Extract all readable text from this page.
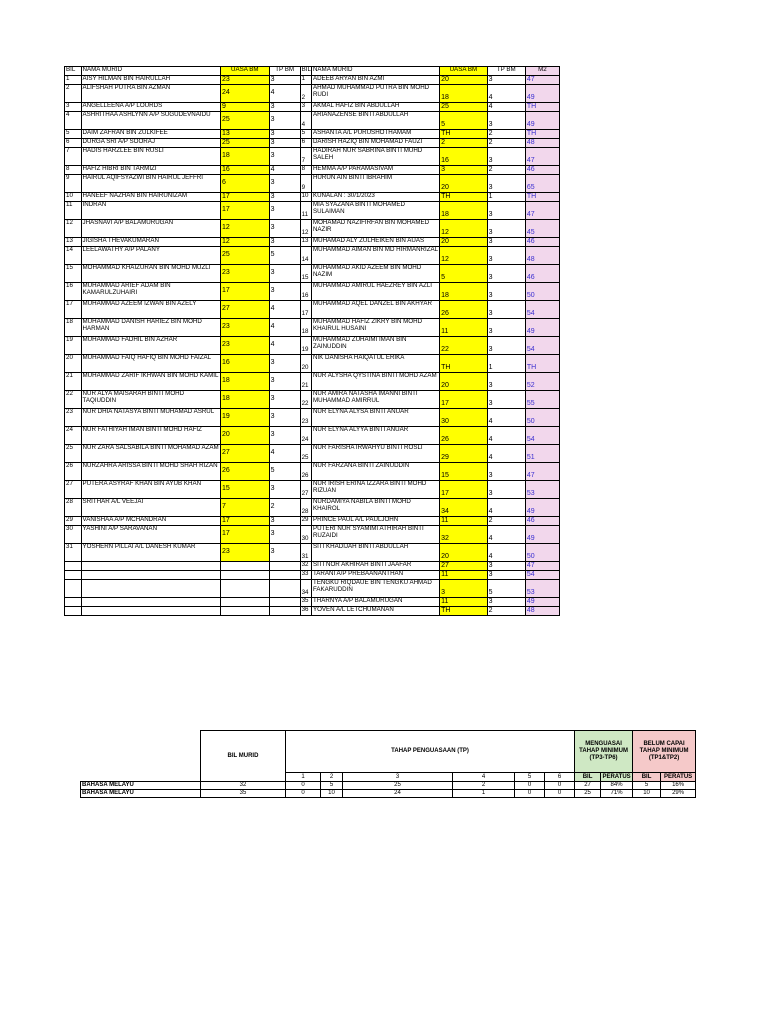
BIL	NAMA MURID	UASA BM	TP BM	BIL	NAMA MURID	UASA BM	TP BM	M2
1	AISY HILMAN BIN HAIRULLAH	23	3	1	ADEEB ARYAN BIN AZMI	20	3	47
2	ALIFSHAH PUTRA BIN AZMAN	24	4	2	AHMAD MUHAMMAD PUTRA BIN MOHD RUDI	18	4	49
3	ANGELLEENA A/P LOURDS	9	3	3	AKMAL HAFIZ BIN ABDULLAH	25	4	TH
4	ASHRITHAA ASHLYNN A/P SUGUDEVNAIDU	25	3	4	ARIANAZENSE BINTI ABDULLAH	5	3	49
5	DAIM ZAFRAN BIN ZULKIFEE	13	3	5	ASHANTA A/L PURUSHOTHAMAM	TH	2	TH
6	DURGA SRI A/P SOORAJ	25	3	6	DARISH HAZIQ BIN MOHAMAD FAUZI	2	2	48
7	HADIS HARZLEE BIN RUSLI	18	3	7	HADIRAH NUR SABRINA BINTI MUHD SALEH	16	3	47
8	HAFIZ HIBRI BIN TARMIZI	16	4	8	HEMMA A/P PARAMASIVAM	3	2	46
9	HAIRUL AQIFSYAZWI BIN HAIRUL JEFFRI	6	3	9	HURUN AIN BINTI IBRAHIM	20	3	65
10	HANEEF NAZHAN BIN HAIRUNIZAM	17	3	10	KUNALAN : 30/1/2023	TH	1	TH
11	INDRAN	17	3	11	MIA SYAZANA BINTI MOHAMED SULAIMAN	18	3	47
12	JHASNAVI A/P BALAMURUGAN	12	3	12	MOHAMAD NAZIFIRFAN BIN MOHAMED NAZIR	12	3	45
13	JIGISHA THEVAKUMARAN	12	3	13	MUHAMAD ALY ZULHEIKEN BIN AUAS	20	3	46
14	LEELAWATHY A/P PALANY	25	5	14	MUHAMMAD AIMAN BIN MD HIRMANRIZAL	12	3	48
15	MOHAMMAD KHAIZURAN BIN MOHD MUZLI	23	3	15	MUHAMMAD AKID AZEEM BIN MOHD NAZIM	5	3	46
16	MUHAMMAD ARIEF ADAM BIN KAMARULZUHAIRI	17	3	16	MUHAMMAD AMIRUL HAEZREY BIN AZLI	18	3	50
17	MUHAMMAD AZEEM IZWAN BIN AZELY	27	4	17	MUHAMMAD AQEL DANZEL BIN AKHYAR	26	3	54
18	MUHAMMAD DANISH HARIEZ BIN MOHD HARMAN	23	4	18	MUHAMMAD HAFIZ ZIKRY BIN MOHD KHAIRUL HUSAINI	11	3	49
19	MUHAMMAD FADHIL BIN AZHAR	23	4	19	MUHAMMAD ZUHAIMI IMAN BIN ZAINUDDIN	22	3	54
20	MUHAMMAD FAIQ HAFIQ BIN MOHD FAIZAL	16	3	20	NIK DANISHA HAIQATUL ERIKA	TH	1	TH
21	MUHAMMAD ZARIF IKHWAN BIN MOHD KAMIL	18	3	21	NUR ALYSHA QYSTINA BINTI MOHD AZAM	20	3	52
22	NUR ALYA MAISARAH BINTI MOHD TAQIUDDIN	18	3	22	NUR AMIRA NATASHA IMANNI BINTI MUHAMMAD AMIRRUL	17	3	55
23	NUR DHIA NATASYA BINTI MUHAMAD ASRUL	19	3	23	NUR ELYNA ALYSA BINTI ANUAR	30	4	50
24	NUR FATHIYAH IMAN BINTI MOHD HAFIZ	20	3	24	NUR ELYNA ALYYA BINTI ANUAR	26	4	54
25	NUR ZARA SALSABILA BINTI MOHAMAD AZAM	27	4	25	NUR FARISHA IRWAHYU BINTI ROSLI	29	4	51
26	NURZAHRA ARISSA BINTI MOHD SHAH RIZAN	26	5	26	NUR FARZANA BINTI ZAINUDDIN	15	3	47
27	PUTERA ASYRAF KHAN BIN AYUB KHAN	15	3	27	NUR IRISH ERINA IZZARA BINTI MOHD RIZUAN	17	3	53
28	SRITHAR A/L VEEJAI	7	2	28	NURDAMIYA NABILA BINTI MOHD KHAIROL	34	4	49
29	VANISHAA A/P MCHANDRAN	17	3	29	PRINCE PAUL A/L PAULJOHN	11	2	46
30	YASHINI A/P SARAVANAN	17	3	30	PUTERI NUR SYAMIMI ATHIRAH BINTI RUZAIDI	32	4	49
31	YOSHERN PILLAI A/L DANESH KUMAR	23	3	31	SITI KHADIJAH BINTI ABDULLAH	20	4	50
				32	SITI NOR AKHIRAH BINTI JAAFAR	27	3	47
				33	TARANI A/P PREBAANANTHAN	11	3	54
				34	TENGKU RIQDAUE BIN TENGKU AHMAD FAKARUDDIN	3	5	53
				35	THARNYA A/P BALAMURUGAN	11	3	49
				36	YOVEN A/L LETCHUMANAN	TH	2	48
	BIL MURID	TAHAP PENGUASAAN (TP)						MENGUASAI TAHAP MINIMUM (TP3-TP6)		BELUM CAPAI TAHAP MINIMUM (TP1&TP2)	
		1	2	3	4	5	6	BIL	PERATUS	BIL	PERATUS
BAHASA MELAYU	32	0	5	25	2	0	0	27	84%	5	16%
BAHASA MELAYU	35	0	10	24	1	0	0	25	71%	10	29%
